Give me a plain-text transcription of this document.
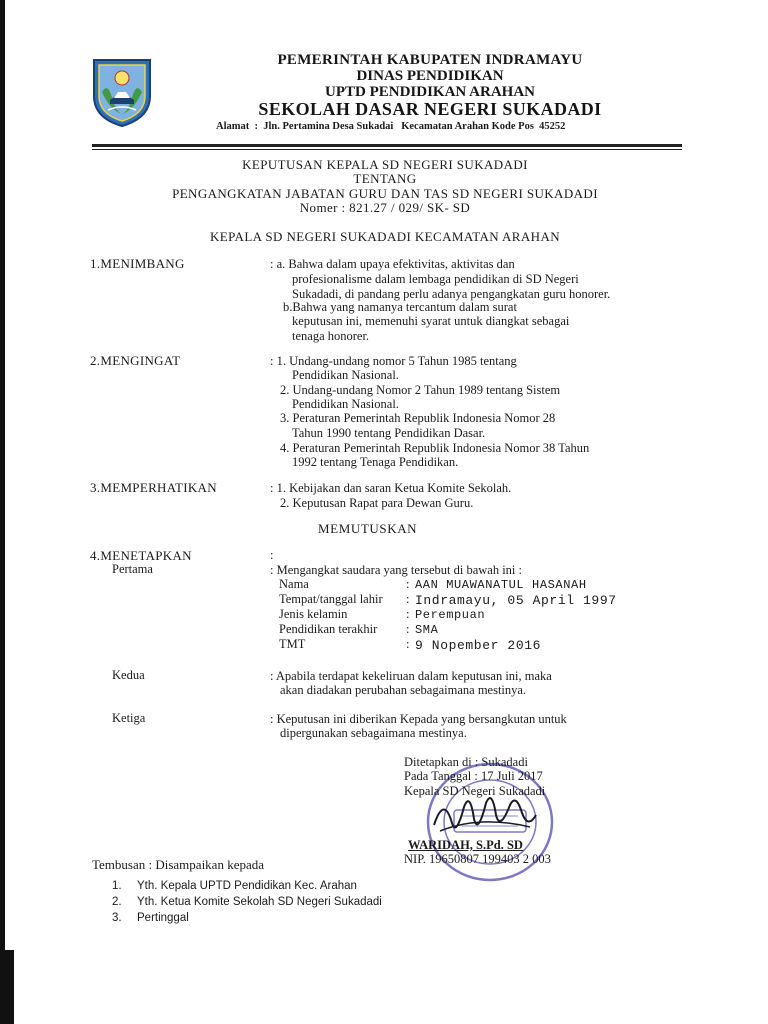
PEMERINTAH KABUPATEN INDRAMAYU
DINAS PENDIDIKAN
UPTD PENDIDIKAN ARAHAN
SEKOLAH DASAR NEGERI SUKADADI
Alamat  :  Jln. Pertamina Desa Sukadai   Kecamatan Arahan Kode Pos  45252
KEPUTUSAN KEPALA SD NEGERI SUKADADI
TENTANG
PENGANGKATAN JABATAN GURU DAN TAS SD NEGERI SUKADADI
Nomer : 821.27 / 029/ SK- SD
KEPALA SD NEGERI SUKADADI KECAMATAN ARAHAN
1.MENIMBANG	: a. Bahwa dalam upaya efektivitas, aktivitas dan
profesionalisme dalam lembaga pendidikan di SD Negeri
Sukadadi, di pandang perlu adanya pengangkatan guru honorer.
b.Bahwa yang namanya tercantum dalam surat
keputusan ini, memenuhi syarat untuk diangkat sebagai
tenaga honorer.
2.MENGINGAT	: 1. Undang-undang nomor 5 Tahun 1985 tentang
Pendidikan Nasional.
2. Undang-undang Nomor 2 Tahun 1989 tentang Sistem
Pendidikan Nasional.
3. Peraturan Pemerintah Republik Indonesia Nomor 28
Tahun 1990 tentang Pendidikan Dasar.
4. Peraturan Pemerintah Republik Indonesia Nomor 38 Tahun
1992 tentang Tenaga Pendidikan.
3.MEMPERHATIKAN	: 1. Kebijakan dan saran Ketua Komite Sekolah.
2. Keputusan Rapat para Dewan Guru.
MEMUTUSKAN
4.MENETAPKAN	:
Pertama	: Mengangkat saudara yang tersebut di bawah ini :
Nama	: AAN MUAWANATUL HASANAH
Tempat/tanggal lahir : Indramayu, 05 April 1997
Jenis kelamin	: Perempuan
Pendidikan terakhir : SMA
TMT	: 9 Nopember 2016
Kedua	: Apabila terdapat kekeliruan dalam keputusan ini, maka
akan diadakan perubahan sebagaimana mestinya.
Ketiga	: Keputusan ini diberikan Kepada yang bersangkutan untuk
dipergunakan sebagaimana mestinya.
Ditetapkan di : Sukadadi
Pada Tanggal : 17 Juli 2017
Kepala SD Negeri Sukadadi
WARIDAH, S.Pd. SD
NIP. 19650807 199403 2 003
Tembusan : Disampaikan kepada
1. Yth. Kepala UPTD Pendidikan Kec. Arahan
2. Yth. Ketua Komite Sekolah SD Negeri Sukadadi
3. Pertinggal
